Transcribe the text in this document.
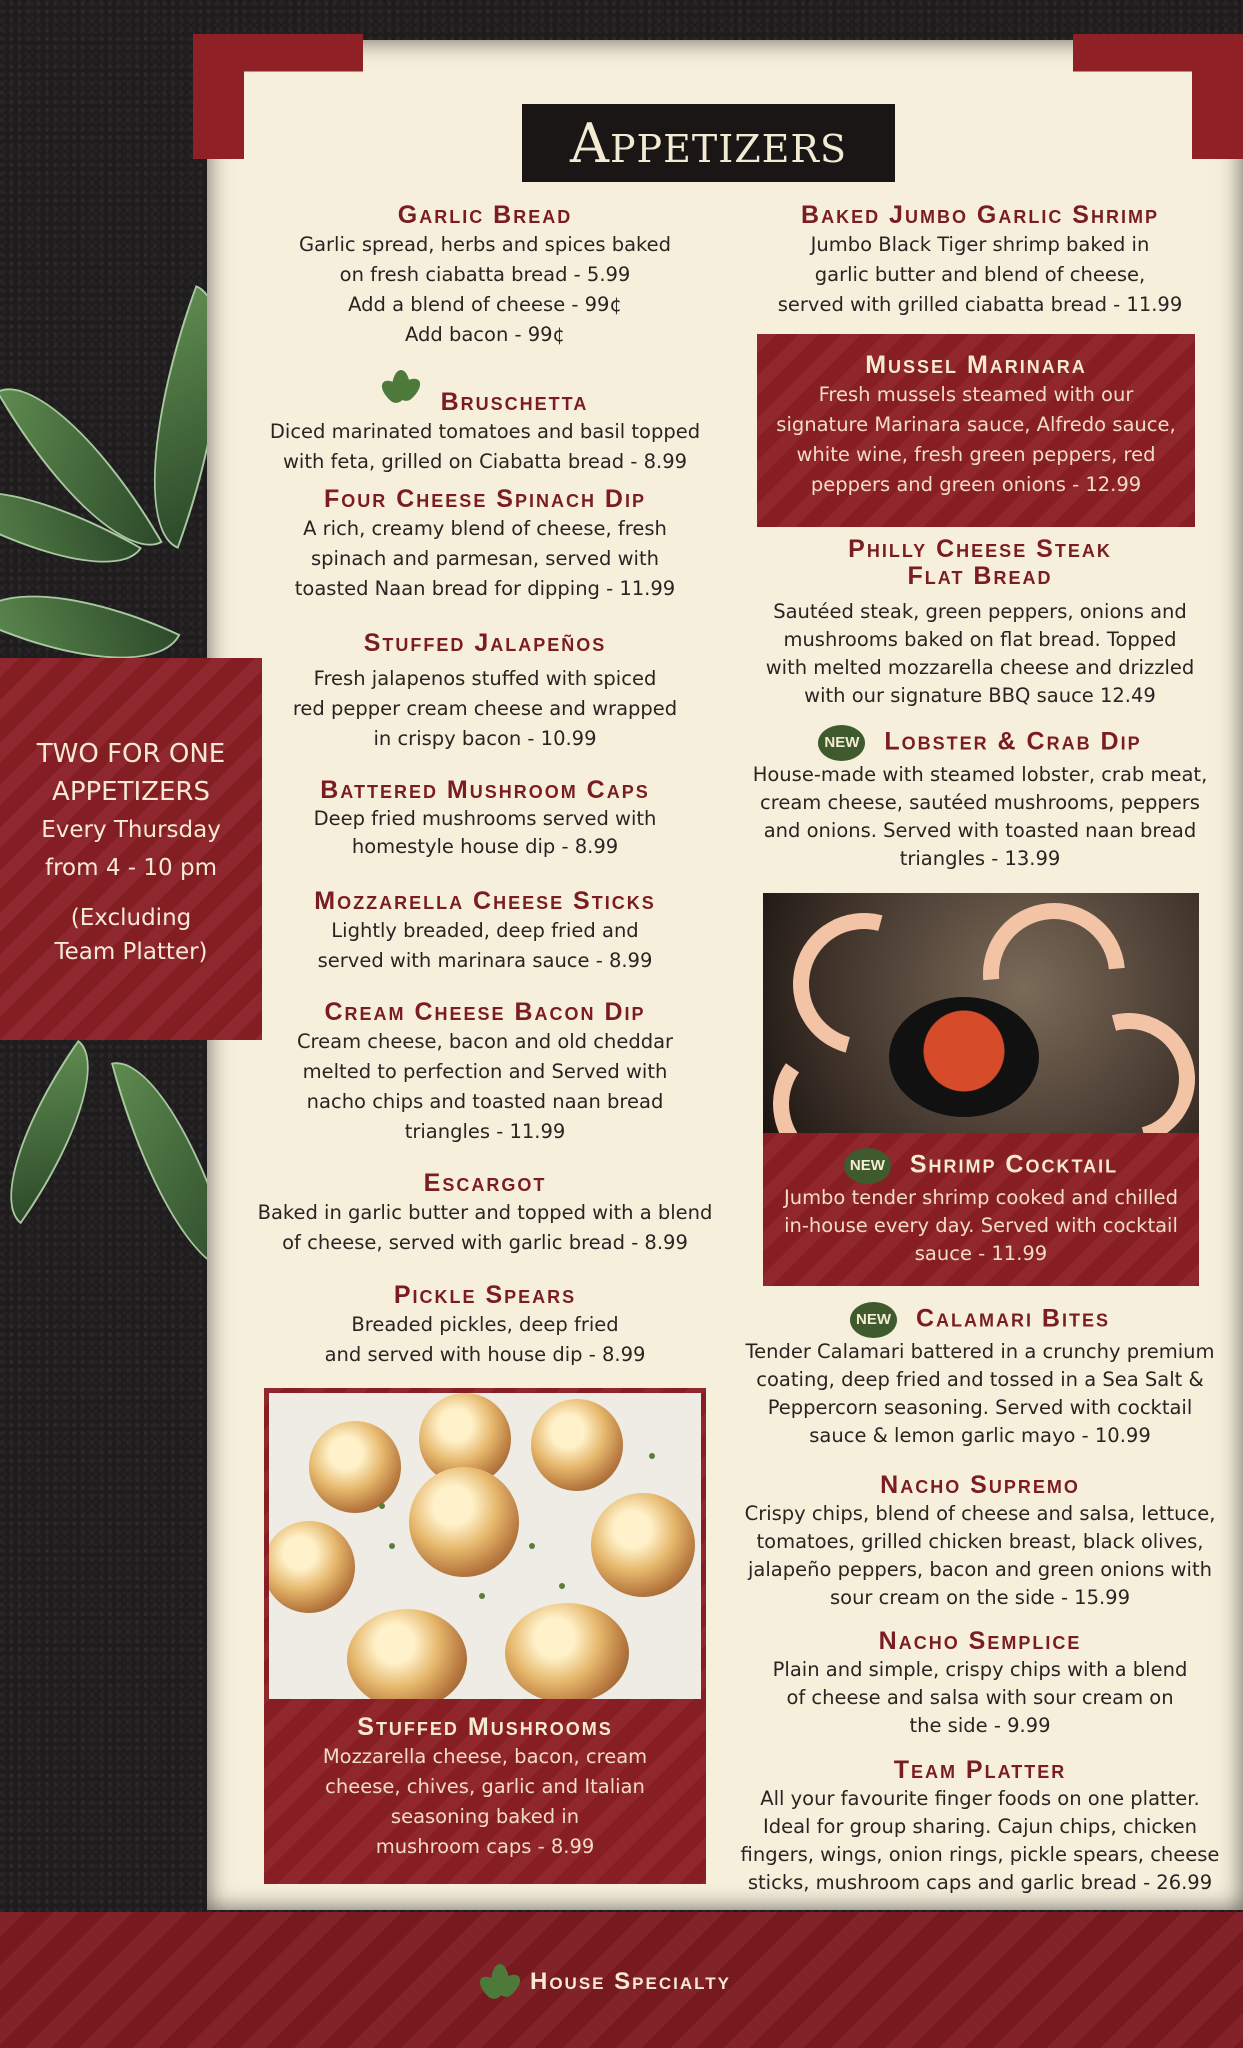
Appetizers
TWO FOR ONE
APPETIZERS
Every Thursday
from 4 - 10 pm
(Excluding
Team Platter)
Garlic Bread
Garlic spread, herbs and spices baked
on fresh ciabatta bread - 5.99
Add a blend of cheese - 99¢
Add bacon - 99¢
Bruschetta
Diced marinated tomatoes and basil topped
with feta, grilled on Ciabatta bread - 8.99
Four Cheese Spinach Dip
A rich, creamy blend of cheese, fresh
spinach and parmesan, served with
toasted Naan bread for dipping - 11.99
Stuffed Jalapeños
Fresh jalapenos stuffed with spiced
red pepper cream cheese and wrapped
in crispy bacon - 10.99
Battered Mushroom Caps
Deep fried mushrooms served with
homestyle house dip - 8.99
Mozzarella Cheese Sticks
Lightly breaded, deep fried and
served with marinara sauce - 8.99
Cream Cheese Bacon Dip
Cream cheese, bacon and old cheddar
melted to perfection and Served with
nacho chips and toasted naan bread
triangles - 11.99
Escargot
Baked in garlic butter and topped with a blend
of cheese, served with garlic bread - 8.99
Pickle Spears
Breaded pickles, deep fried
and served with house dip - 8.99
Stuffed Mushrooms
Mozzarella cheese, bacon, cream
cheese, chives, garlic and Italian
seasoning baked in
mushroom caps - 8.99
Baked Jumbo Garlic Shrimp
Jumbo Black Tiger shrimp baked in
garlic butter and blend of cheese,
served with grilled ciabatta bread - 11.99
Mussel Marinara
Fresh mussels steamed with our
signature Marinara sauce, Alfredo sauce,
white wine, fresh green peppers, red
peppers and green onions - 12.99
Philly Cheese Steak
Flat Bread
Sautéed steak, green peppers, onions and
mushrooms baked on flat bread. Topped
with melted mozzarella cheese and drizzled
with our signature BBQ sauce 12.49
NEW Lobster & Crab Dip
House-made with steamed lobster, crab meat,
cream cheese, sautéed mushrooms, peppers
and onions. Served with toasted naan bread
triangles - 13.99
NEW Shrimp Cocktail
Jumbo tender shrimp cooked and chilled
in-house every day. Served with cocktail
sauce - 11.99
NEW Calamari Bites
Tender Calamari battered in a crunchy premium
coating, deep fried and tossed in a Sea Salt &
Peppercorn seasoning. Served with cocktail
sauce & lemon garlic mayo - 10.99
Nacho Supremo
Crispy chips, blend of cheese and salsa, lettuce,
tomatoes, grilled chicken breast, black olives,
jalapeño peppers, bacon and green onions with
sour cream on the side - 15.99
Nacho Semplice
Plain and simple, crispy chips with a blend
of cheese and salsa with sour cream on
the side - 9.99
Team Platter
All your favourite finger foods on one platter.
Ideal for group sharing. Cajun chips, chicken
fingers, wings, onion rings, pickle spears, cheese
sticks, mushroom caps and garlic bread - 26.99
House Specialty
